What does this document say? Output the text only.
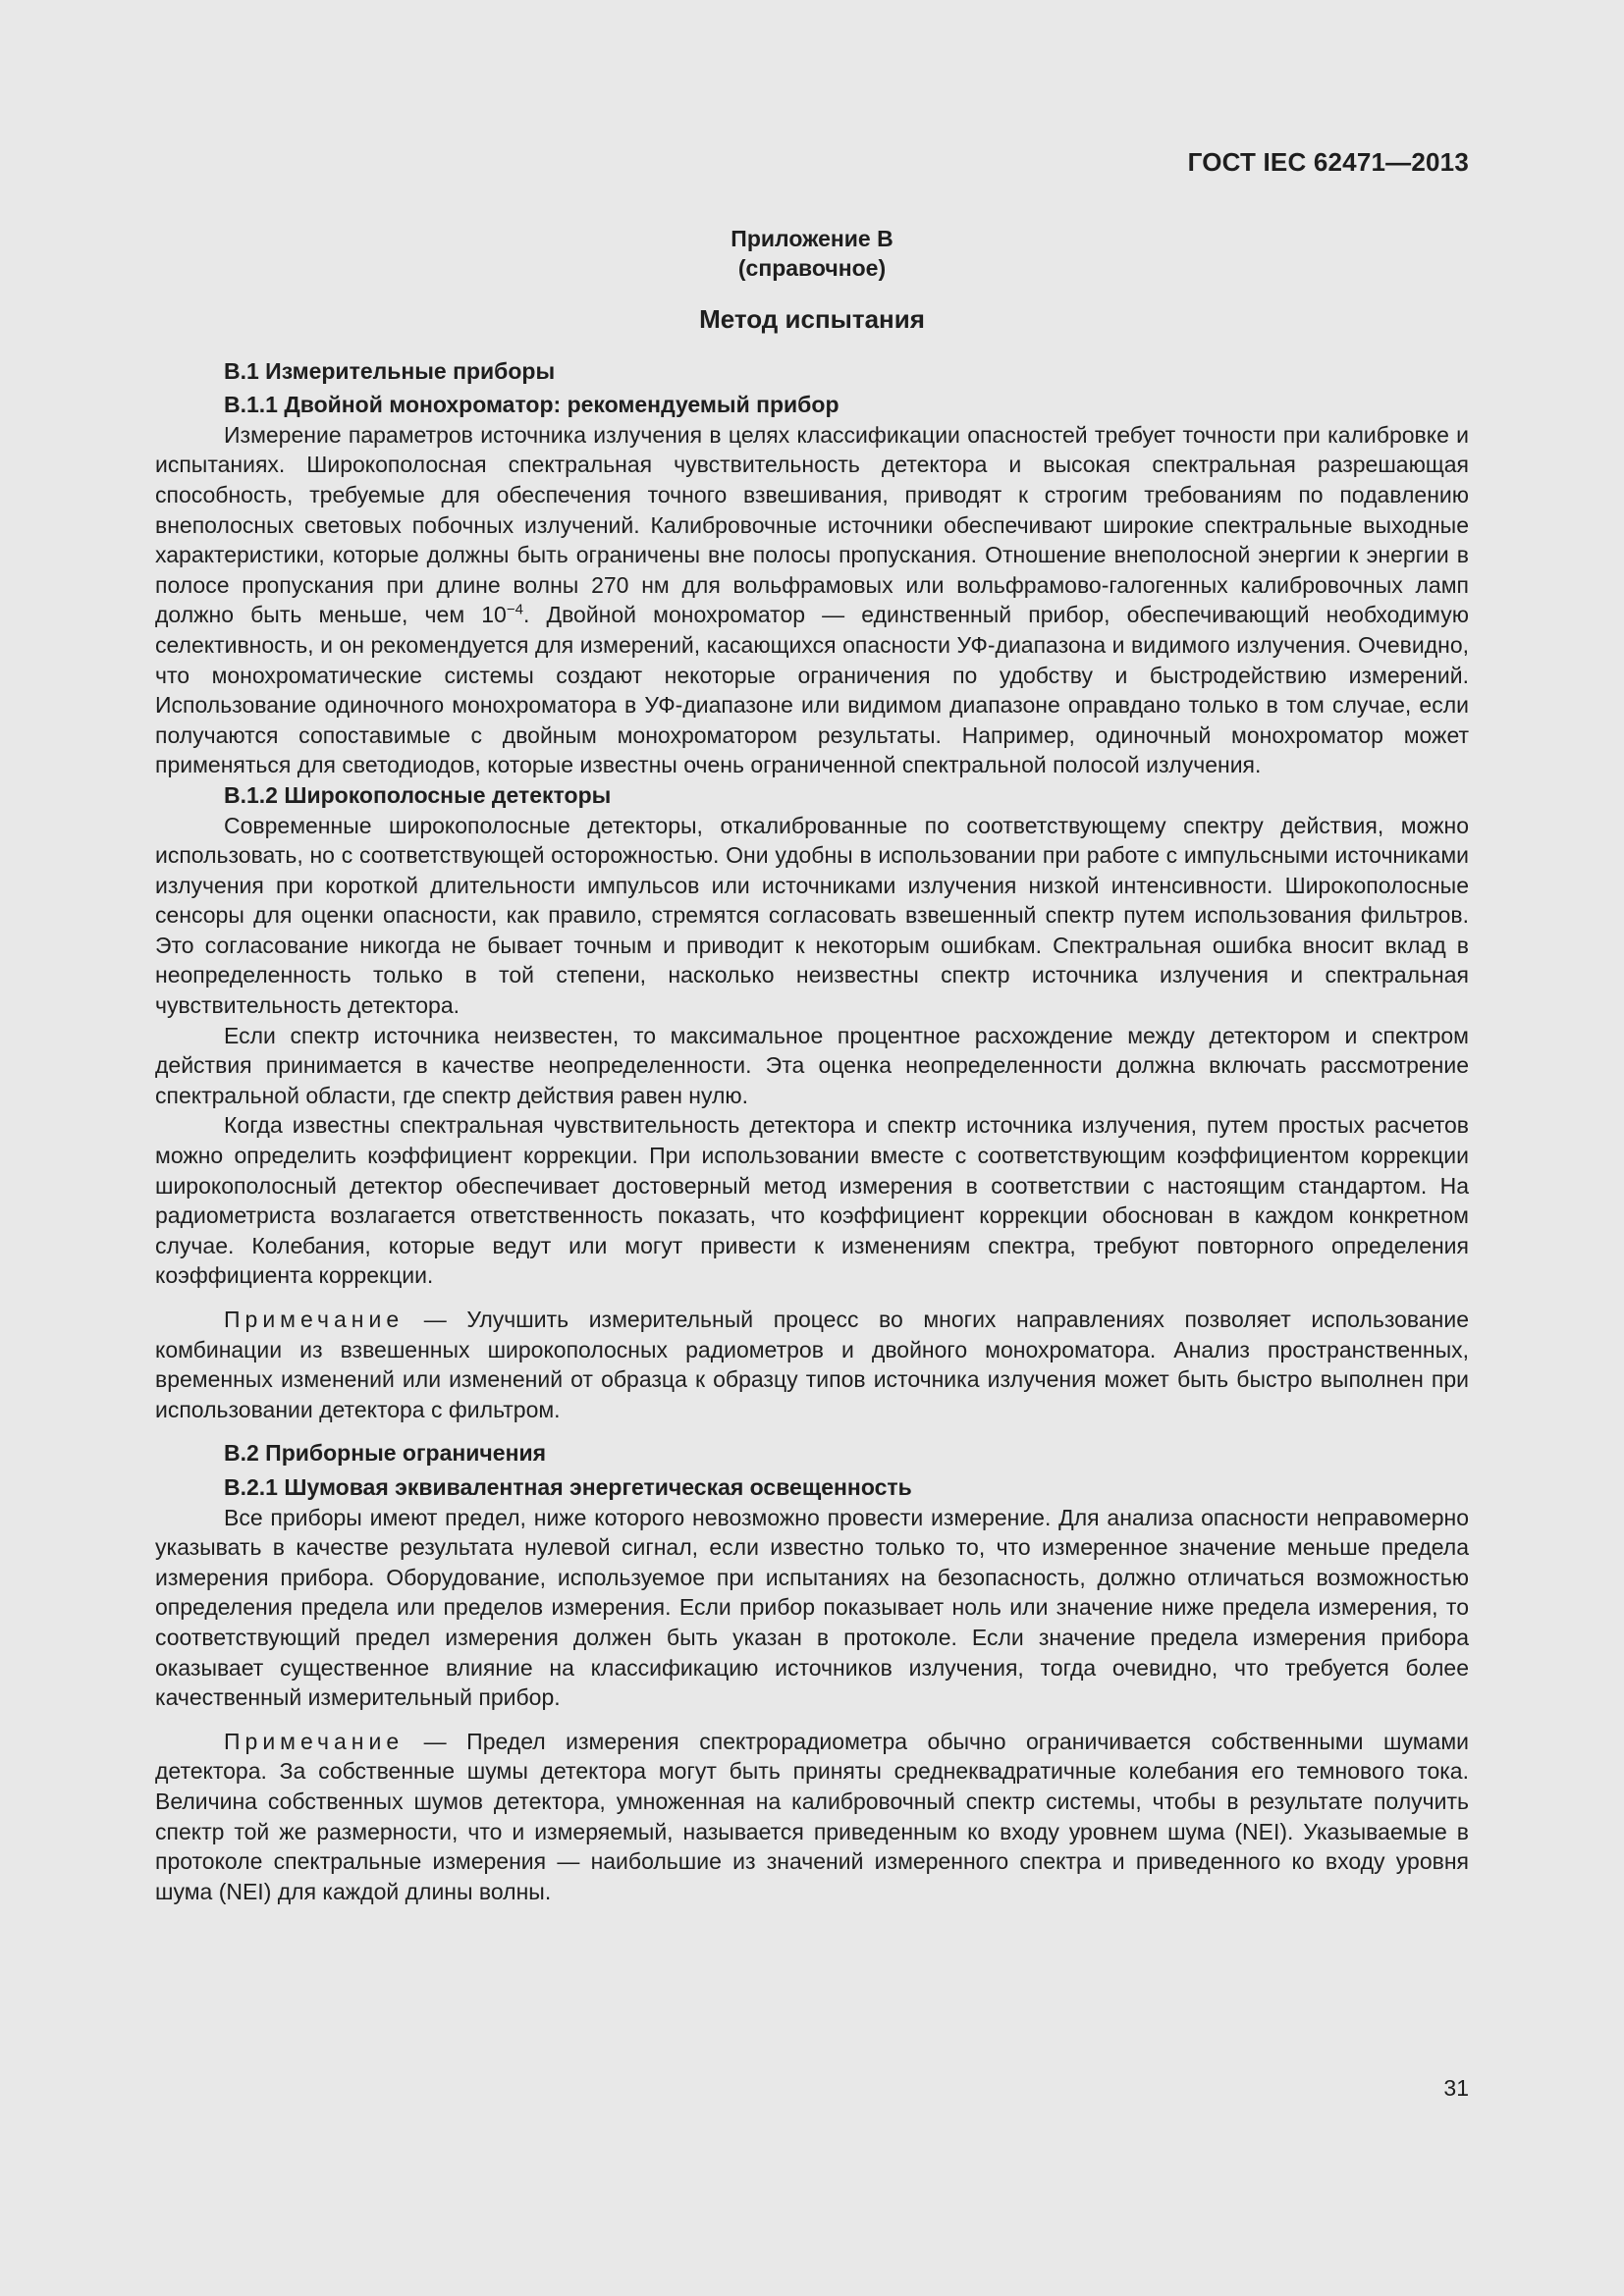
ГОСТ IEC 62471—2013
Приложение B
(справочное)
Метод испытания
B.1 Измерительные приборы
B.1.1 Двойной монохроматор: рекомендуемый прибор

Измерение параметров источника излучения в целях классификации опасностей требует точности при калибровке и испытаниях. Широкополосная спектральная чувствительность детектора и высокая спектральная разрешающая способность, требуемые для обеспечения точного взвешивания, приводят к строгим требованиям по подавлению внеполосных световых побочных излучений. Калибровочные источники обеспечивают широкие спектральные выходные характеристики, которые должны быть ограничены вне полосы пропускания. Отношение внеполосной энергии к энергии в полосе пропускания при длине волны 270 нм для вольфрамовых или вольфрамово-галогенных калибровочных ламп должно быть меньше, чем $10^{-4}$. Двойной монохроматор — единственный прибор, обеспечивающий необходимую селективность, и он рекомендуется для измерений, касающихся опасности УФ-диапазона и видимого излучения. Очевидно, что монохроматические системы создают некоторые ограничения по удобству и быстродействию измерений. Использование одиночного монохроматора в УФ-диапазоне или видимом диапазоне оправдано только в том случае, если получаются сопоставимые с двойным монохроматором результаты. Например, одиночный монохроматор может применяться для светодиодов, которые известны очень ограниченной спектральной полосой излучения.

B.1.2 Широкополосные детекторы

Современные широкополосные детекторы, откалиброванные по соответствующему спектру действия, можно использовать, но с соответствующей осторожностью. Они удобны в использовании при работе с импульсными источниками излучения при короткой длительности импульсов или источниками излучения низкой интенсивности. Широкополосные сенсоры для оценки опасности, как правило, стремятся согласовать взвешенный спектр путем использования фильтров. Это согласование никогда не бывает точным и приводит к некоторым ошибкам. Спектральная ошибка вносит вклад в неопределенность только в той степени, насколько неизвестны спектр источника излучения и спектральная чувствительность детектора.

Если спектр источника неизвестен, то максимальное процентное расхождение между детектором и спектром действия принимается в качестве неопределенности. Эта оценка неопределенности должна включать рассмотрение спектральной области, где спектр действия равен нулю.

Когда известны спектральная чувствительность детектора и спектр источника излучения, путем простых расчетов можно определить коэффициент коррекции. При использовании вместе с соответствующим коэффициентом коррекции широкополосный детектор обеспечивает достоверный метод измерения в соответствии с настоящим стандартом. На радиометриста возлагается ответственность показать, что коэффициент коррекции обоснован в каждом конкретном случае. Колебания, которые ведут или могут привести к изменениям спектра, требуют повторного определения коэффициента коррекции.

Примечание — Улучшить измерительный процесс во многих направлениях позволяет использование комбинации из взвешенных широкополосных радиометров и двойного монохроматора. Анализ пространственных, временных изменений или изменений от образца к образцу типов источника излучения может быть быстро выполнен при использовании детектора с фильтром.

B.2 Приборные ограничения
B.2.1 Шумовая эквивалентная энергетическая освещенность

Все приборы имеют предел, ниже которого невозможно провести измерение. Для анализа опасности неправомерно указывать в качестве результата нулевой сигнал, если известно только то, что измеренное значение меньше предела измерения прибора. Оборудование, используемое при испытаниях на безопасность, должно отличаться возможностью определения предела или пределов измерения. Если прибор показывает ноль или значение ниже предела измерения, то соответствующий предел измерения должен быть указан в протоколе. Если значение предела измерения прибора оказывает существенное влияние на классификацию источников излучения, тогда очевидно, что требуется более качественный измерительный прибор.

Примечание — Предел измерения спектрорадиометра обычно ограничивается собственными шумами детектора. За собственные шумы детектора могут быть приняты среднеквадратичные колебания его темнового тока. Величина собственных шумов детектора, умноженная на калибровочный спектр системы, чтобы в результате получить спектр той же размерности, что и измеряемый, называется приведенным ко входу уровнем шума (NEI). Указываемые в протоколе спектральные измерения — наибольшие из значений измеренного спектра и приведенного ко входу уровня шума (NEI) для каждой длины волны.

31
